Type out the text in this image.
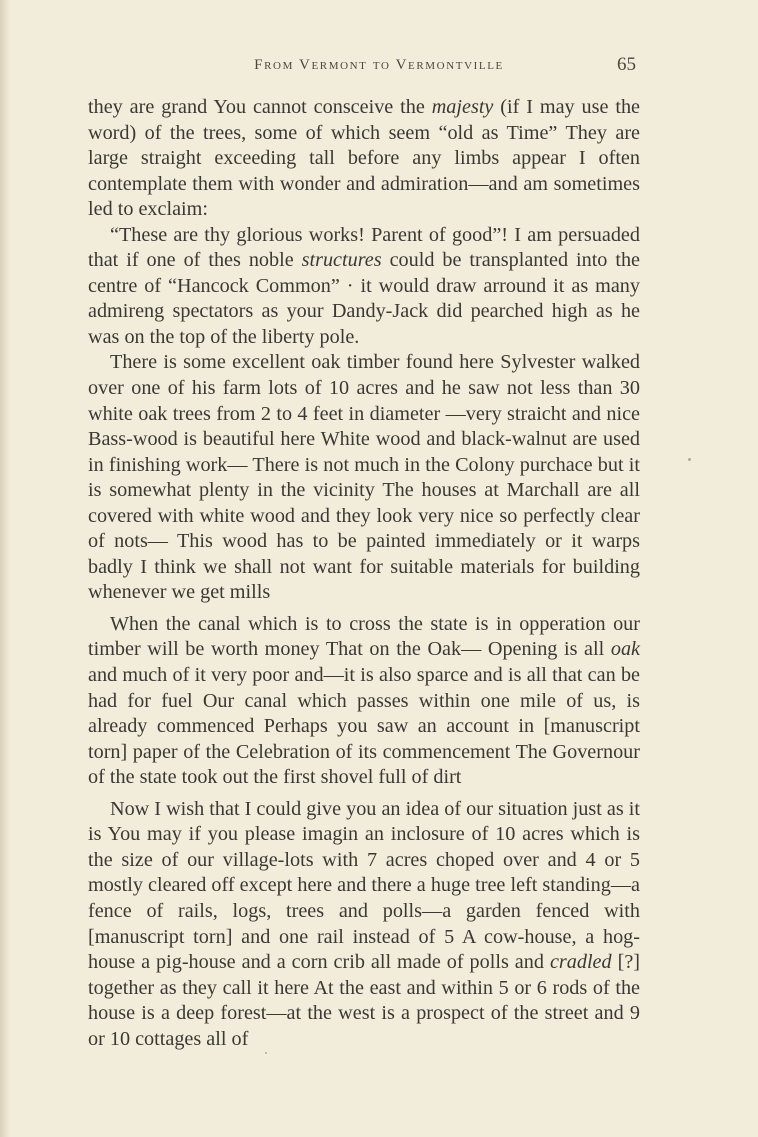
From Vermont to Vermontville	65

they are grand You cannot consceive the majesty (if I may use the word) of the trees, some of which seem “old as Time” They are large straight exceeding tall before any limbs appear I often contemplate them with wonder and admiration—and am sometimes led to exclaim:

“These are thy glorious works! Parent of good”! I am persuaded that if one of thes noble structures could be transplanted into the centre of “Hancock Common” · it would draw arround it as many admireng spectators as your Dandy-Jack did pearched high as he was on the top of the liberty pole.

There is some excellent oak timber found here Sylvester walked over one of his farm lots of 10 acres and he saw not less than 30 white oak trees from 2 to 4 feet in diameter —very straicht and nice Bass-wood is beautiful here White wood and black-walnut are used in finishing work— There is not much in the Colony purchace but it is somewhat plenty in the vicinity The houses at Marchall are all covered with white wood and they look very nice so perfectly clear of nots— This wood has to be painted immediately or it warps badly I think we shall not want for suitable materials for building whenever we get mills

When the canal which is to cross the state is in opperation our timber will be worth money That on the Oak— Opening is all oak and much of it very poor and—it is also sparce and is all that can be had for fuel Our canal which passes within one mile of us, is already commenced Perhaps you saw an account in [manuscript torn] paper of the Celebration of its commencement The Governour of the state took out the first shovel full of dirt

Now I wish that I could give you an idea of our situation just as it is You may if you please imagin an inclosure of 10 acres which is the size of our village-lots with 7 acres choped over and 4 or 5 mostly cleared off except here and there a huge tree left standing—a fence of rails, logs, trees and polls—a garden fenced with [manuscript torn] and one rail instead of 5 A cow-house, a hog-house a pig-house and a corn crib all made of polls and cradled [?] together as they call it here At the east and within 5 or 6 rods of the house is a deep forest—at the west is a prospect of the street and 9 or 10 cottages all of
